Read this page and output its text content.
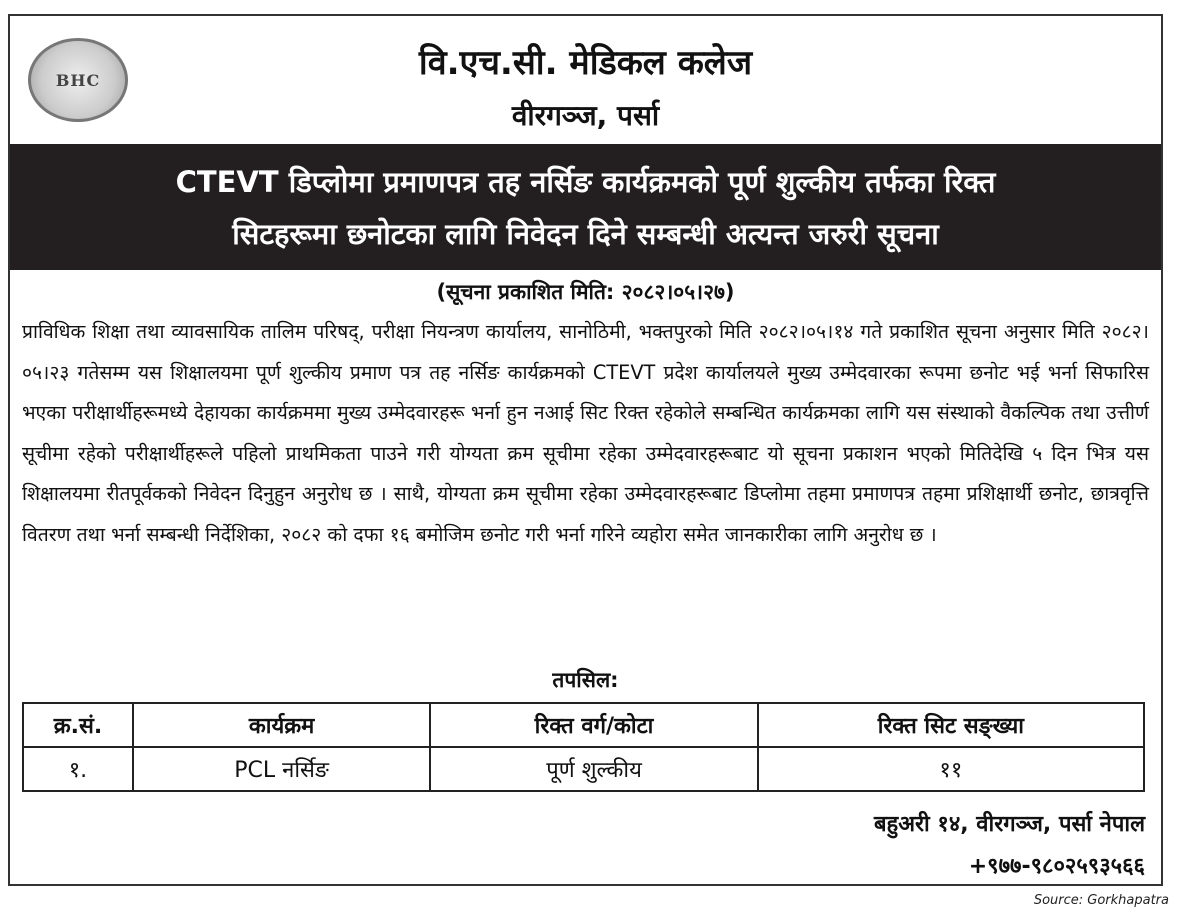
BHC	वि.एच.सी. मेडिकल कलेज
वीरगञ्ज, पर्सा
CTEVT डिप्लोमा प्रमाणपत्र तह नर्सिङ कार्यक्रमको पूर्ण शुल्कीय तर्फका रिक्त
सिटहरूमा छनोटका लागि निवेदन दिने सम्बन्धी अत्यन्त जरुरी सूचना
(सूचना प्रकाशित मिति: २०८२।०५।२७)
प्राविधिक शिक्षा तथा व्यावसायिक तालिम परिषद्, परीक्षा नियन्त्रण कार्यालय, सानोठिमी, भक्तपुरको मिति २०८२।०५।१४ गते प्रकाशित सूचना अनुसार मिति २०८२।०५।२३ गतेसम्म यस शिक्षालयमा पूर्ण शुल्कीय प्रमाण पत्र तह नर्सिङ कार्यक्रमको CTEVT प्रदेश कार्यालयले मुख्य उम्मेदवारका रूपमा छनोट भई भर्ना सिफारिस भएका परीक्षार्थीहरूमध्ये देहायका कार्यक्रममा मुख्य उम्मेदवारहरू भर्ना हुन नआई सिट रिक्त रहेकोले सम्बन्धित कार्यक्रमका लागि यस संस्थाको वैकल्पिक तथा उत्तीर्ण सूचीमा रहेको परीक्षार्थीहरूले पहिलो प्राथमिकता पाउने गरी योग्यता क्रम सूचीमा रहेका उम्मेदवारहरूबाट यो सूचना प्रकाशन भएको मितिदेखि ५ दिन भित्र यस शिक्षालयमा रीतपूर्वकको निवेदन दिनुहुन अनुरोध छ । साथै, योग्यता क्रम सूचीमा रहेका उम्मेदवारहरूबाट डिप्लोमा तहमा प्रमाणपत्र तहमा प्रशिक्षार्थी छनोट, छात्रवृत्ति वितरण तथा भर्ना सम्बन्धी निर्देशिका, २०८२ को दफा १६ बमोजिम छनोट गरी भर्ना गरिने व्यहोरा समेत जानकारीका लागि अनुरोध छ ।
तपसिल:
क्र.सं.	कार्यक्रम	रिक्त वर्ग/कोटा	रिक्त सिट सङ्ख्या
१.	PCL नर्सिङ	पूर्ण शुल्कीय	११
बहुअरी १४, वीरगञ्ज, पर्सा नेपाल
+९७७-९८०२५९३५६६
Source: Gorkhapatra
